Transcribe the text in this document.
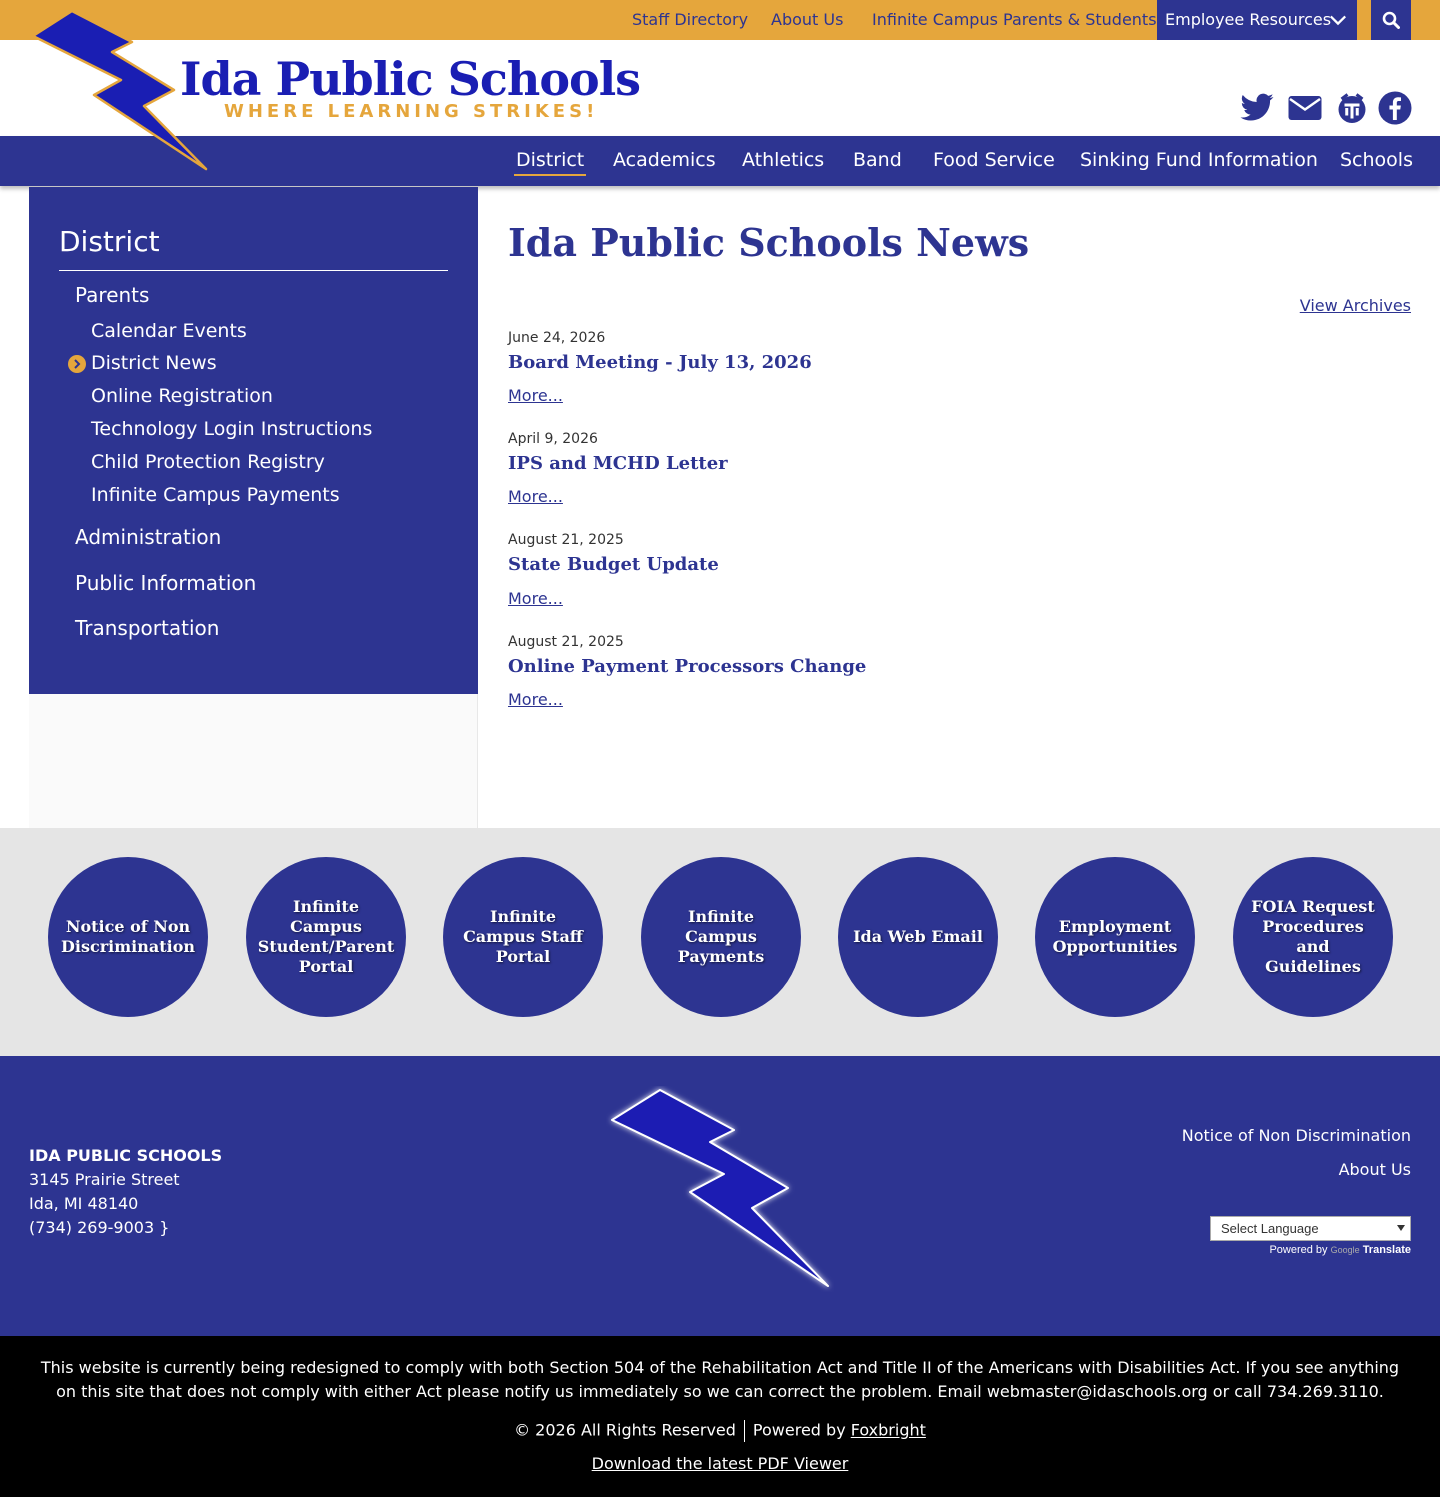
Staff Directory About Us Infinite Campus Parents & Students Employee Resources
Ida Public Schools
WHERE LEARNING STRIKES!
District Academics Athletics Band Food Service Sinking Fund Information Schools
District
Parents
Calendar Events
District News
Online Registration
Technology Login Instructions
Child Protection Registry
Infinite Campus Payments
Administration
Public Information
Transportation
Ida Public Schools News
View Archives
June 24, 2026
Board Meeting - July 13, 2026
More...
April 9, 2026
IPS and MCHD Letter
More...
August 21, 2025
State Budget Update
More...
August 21, 2025
Online Payment Processors Change
More...
Notice of Non Discrimination
Infinite Campus Student/Parent Portal
Infinite Campus Staff Portal
Infinite Campus Payments
Ida Web Email
Employment Opportunities
FOIA Request Procedures and Guidelines
IDA PUBLIC SCHOOLS
3145 Prairie Street
Ida, MI 48140
(734) 269-9003 }
Notice of Non Discrimination
About Us
Select Language
Powered by Google Translate

This website is currently being redesigned to comply with both Section 504 of the Rehabilitation Act and Title II of the Americans with Disabilities Act. If you see anything on this site that does not comply with either Act please notify us immediately so we can correct the problem. Email webmaster@idaschools.org or call 734.269.3110.

© 2026 All Rights Reserved Powered by Foxbright
Download the latest PDF Viewer
